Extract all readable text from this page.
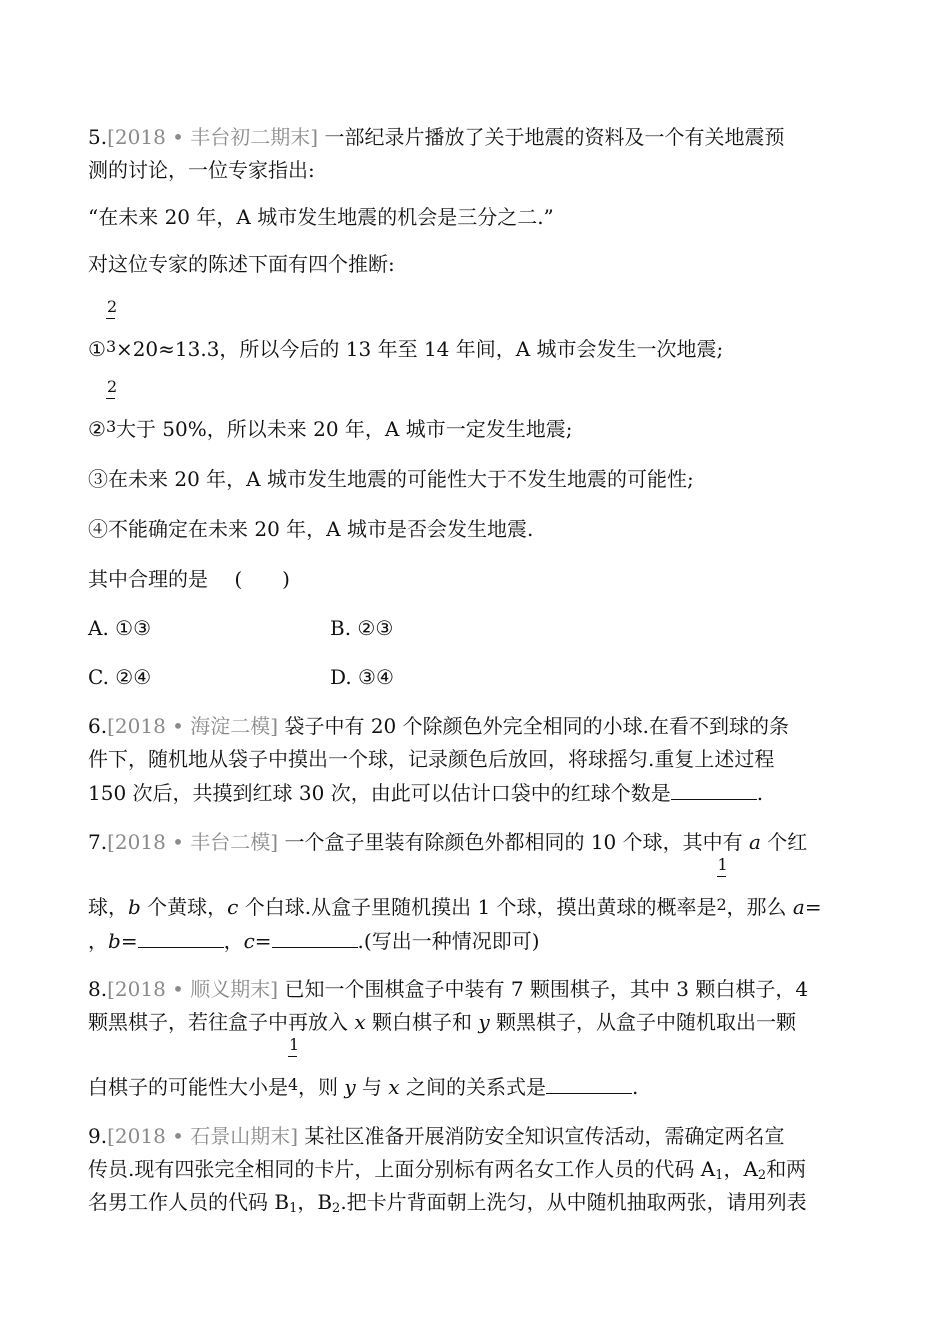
5.[2018 • 丰台初二期末] 一部纪录片播放了关于地震的资料及一个有关地震预
测的讨论，一位专家指出:
“在未来 20 年，A 城市发生地震的机会是三分之二.”
对这位专家的陈述下面有四个推断:
① $\frac{2}{^3}\times 20\approx 13.3$，所以今后的 13 年至 14 年间，A 城市会发生一次地震;
② $\frac{2}{^3}$大于 50%，所以未来 20 年，A 城市一定发生地震;
③在未来 20 年，A 城市发生地震的可能性大于不发生地震的可能性;
④不能确定在未来 20 年，A 城市是否会发生地震.
其中合理的是　 (　　)
A. ①③	B. ②③
C. ②④	D. ③④
6.[2018 • 海淀二模] 袋子中有 20 个除颜色外完全相同的小球.在看不到球的条
件下，随机地从袋子中摸出一个球，记录颜色后放回，将球摇匀.重复上述过程
150 次后，共摸到红球 30 次，由此可以估计口袋中的红球个数是	.
7.[2018 • 丰台二模] 一个盒子里装有除颜色外都相同的 10 个球，其中有 a 个红
球，b 个黄球，c 个白球.从盒子里随机摸出 1 个球，摸出黄球的概率是 $\frac{1}{^2}$，那么 a=
，b=	，c=	.(写出一种情况即可)
8.[2018 • 顺义期末] 已知一个围棋盒子中装有 7 颗围棋子，其中 3 颗白棋子，4
颗黑棋子，若往盒子中再放入 x 颗白棋子和 y 颗黑棋子，从盒子中随机取出一颗
白棋子的可能性大小是 $\frac{1}{^4}$，则 y 与 x 之间的关系式是	.
9.[2018 • 石景山期末] 某社区准备开展消防安全知识宣传活动，需确定两名宣
传员.现有四张完全相同的卡片，上面分别标有两名女工作人员的代码 $A_1$，$A_2$和两
名男工作人员的代码 $B_1$，$B_2$.把卡片背面朝上洗匀，从中随机抽取两张，请用列表
